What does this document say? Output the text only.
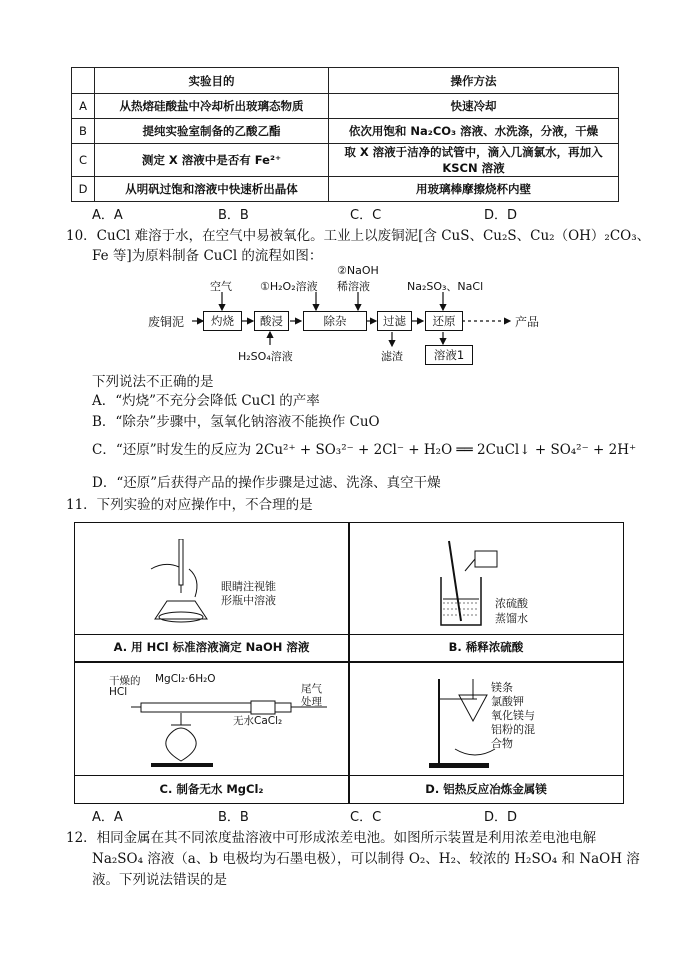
	实验目的	操作方法
A	从热熔硅酸盐中冷却析出玻璃态物质	快速冷却
B	提纯实验室制备的乙酸乙酯	依次用饱和 Na₂CO₃ 溶液、水洗涤，分液，干燥
C	测定 X 溶液中是否有 Fe²⁺	取 X 溶液于洁净的试管中，滴入几滴氯水，再加入 KSCN 溶液
D	从明矾过饱和溶液中快速析出晶体	用玻璃棒摩擦烧杯内壁
A．A	B．B	C．C	D．D
10．CuCl 难溶于水，在空气中易被氧化。工业上以废铜泥[含 CuS、Cu₂S、Cu₂（OH）₂CO₃、
Fe 等]为原料制备 CuCl 的流程如图：
废铜泥	灼烧	酸浸	除杂	过滤	还原	产品
空气
H₂SO₄溶液
①H₂O₂溶液
②NaOH
稀溶液	Na₂SO₃、NaCl
滤渣	溶液1
下列说法不正确的是
A．“灼烧”不充分会降低 CuCl 的产率
B．“除杂”步骤中，氢氧化钠溶液不能换作 CuO
C．“还原”时发生的反应为 2Cu²⁺ + SO₃²⁻ + 2Cl⁻ + H₂O ══ 2CuCl↓ + SO₄²⁻ + 2H⁺
D．“还原”后获得产品的操作步骤是过滤、洗涤、真空干燥
11．下列实验的对应操作中，不合理的是
眼睛注视锥
形瓶中溶液
A. 用 HCl 标准溶液滴定 NaOH 溶液
浓硫酸
蒸馏水
B. 稀释浓硫酸
干燥的
HCl
MgCl₂·6H₂O
无水CaCl₂
尾气
处理
C. 制备无水 MgCl₂
镁条
氯酸钾
氧化镁与
铝粉的混
合物
D. 铝热反应冶炼金属镁
A．A	B．B	C．C	D．D
12．相同金属在其不同浓度盐溶液中可形成浓差电池。如图所示装置是利用浓差电池电解
Na₂SO₄ 溶液（a、b 电极均为石墨电极），可以制得 O₂、H₂、较浓的 H₂SO₄ 和 NaOH 溶
液。下列说法错误的是
